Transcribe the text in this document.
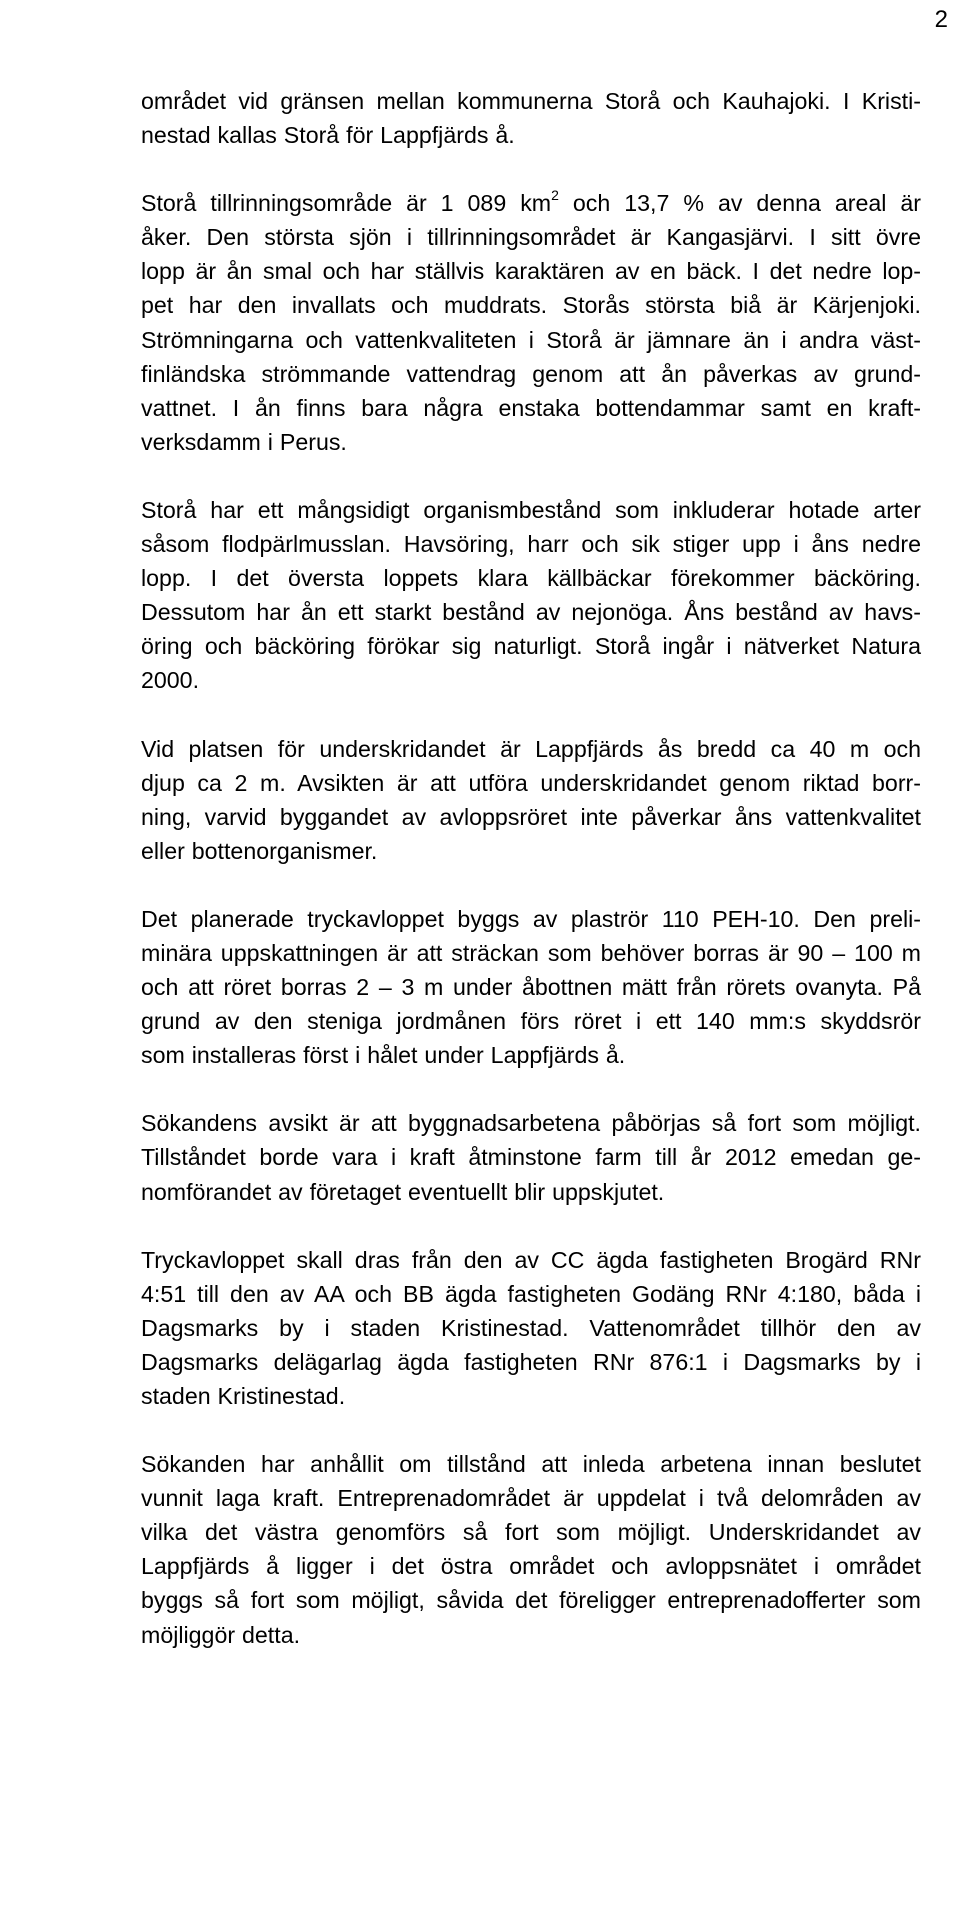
2

området vid gränsen mellan kommunerna Storå och Kauhajoki. I Kristi-
nestad kallas Storå för Lappfjärds å.

Storå tillrinningsområde är 1 089 $km^2$ och 13,7 % av denna areal är
åker. Den största sjön i tillrinningsområdet är Kangasjärvi. I sitt övre
lopp är ån smal och har ställvis karaktären av en bäck. I det nedre lop-
pet har den invallats och muddrats. Storås största biå är Kärjenjoki.
Strömningarna och vattenkvaliteten i Storå är jämnare än i andra väst-
finländska strömmande vattendrag genom att ån påverkas av grund-
vattnet. I ån finns bara några enstaka bottendammar samt en kraft-
verksdamm i Perus.

Storå har ett mångsidigt organismbestånd som inkluderar hotade arter
såsom flodpärlmusslan. Havsöring, harr och sik stiger upp i åns nedre
lopp. I det översta loppets klara källbäckar förekommer bäcköring.
Dessutom har ån ett starkt bestånd av nejonöga. Åns bestånd av havs-
öring och bäcköring förökar sig naturligt. Storå ingår i nätverket Natura
2000.

Vid platsen för underskridandet är Lappfjärds ås bredd ca 40 m och
djup ca 2 m. Avsikten är att utföra underskridandet genom riktad borr-
ning, varvid byggandet av avloppsröret inte påverkar åns vattenkvalitet
eller bottenorganismer.

Det planerade tryckavloppet byggs av plaströr 110 PEH-10. Den preli-
minära uppskattningen är att sträckan som behöver borras är 90 – 100 m
och att röret borras 2 – 3 m under åbottnen mätt från rörets ovanyta. På
grund av den steniga jordmånen förs röret i ett 140 mm:s skyddsrör
som installeras först i hålet under Lappfjärds å.

Sökandens avsikt är att byggnadsarbetena påbörjas så fort som möjligt.
Tillståndet borde vara i kraft åtminstone farm till år 2012 emedan ge-
nomförandet av företaget eventuellt blir uppskjutet.

Tryckavloppet skall dras från den av CC ägda fastigheten Brogärd RNr
4:51 till den av AA och BB ägda fastigheten Godäng RNr 4:180, båda i
Dagsmarks by i staden Kristinestad. Vattenområdet tillhör den av
Dagsmarks delägarlag ägda fastigheten RNr 876:1 i Dagsmarks by i
staden Kristinestad.

Sökanden har anhållit om tillstånd att inleda arbetena innan beslutet
vunnit laga kraft. Entreprenadområdet är uppdelat i två delområden av
vilka det västra genomförs så fort som möjligt. Underskridandet av
Lappfjärds å ligger i det östra området och avloppsnätet i området
byggs så fort som möjligt, såvida det föreligger entreprenadofferter som
möjliggör detta.
